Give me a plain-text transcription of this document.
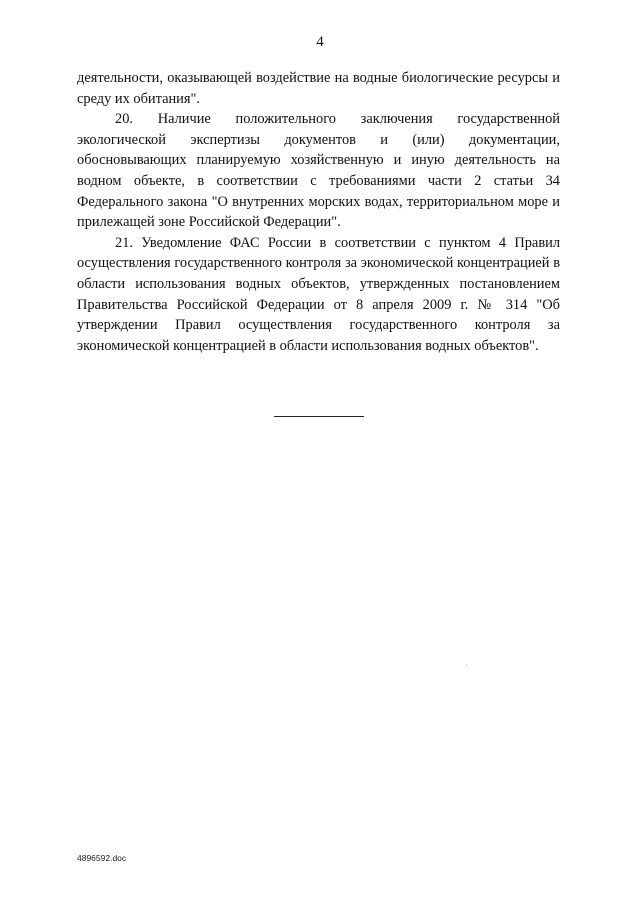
4

деятельности, оказывающей воздействие на водные биологические ресурсы и среду их обитания".

20. Наличие положительного заключения государственной экологической экспертизы документов и (или) документации, обосновывающих планируемую хозяйственную и иную деятельность на водном объекте, в соответствии с требованиями части 2 статьи 34 Федерального закона "О внутренних морских водах, территориальном море и прилежащей зоне Российской Федерации".

21. Уведомление ФАС России в соответствии с пунктом 4 Правил осуществления государственного контроля за экономической концентрацией в области использования водных объектов, утвержденных постановлением Правительства Российской Федерации от 8 апреля 2009 г. № 314 "Об утверждении Правил осуществления государственного контроля за экономической концентрацией в области использования водных объектов".

4896592.doc
